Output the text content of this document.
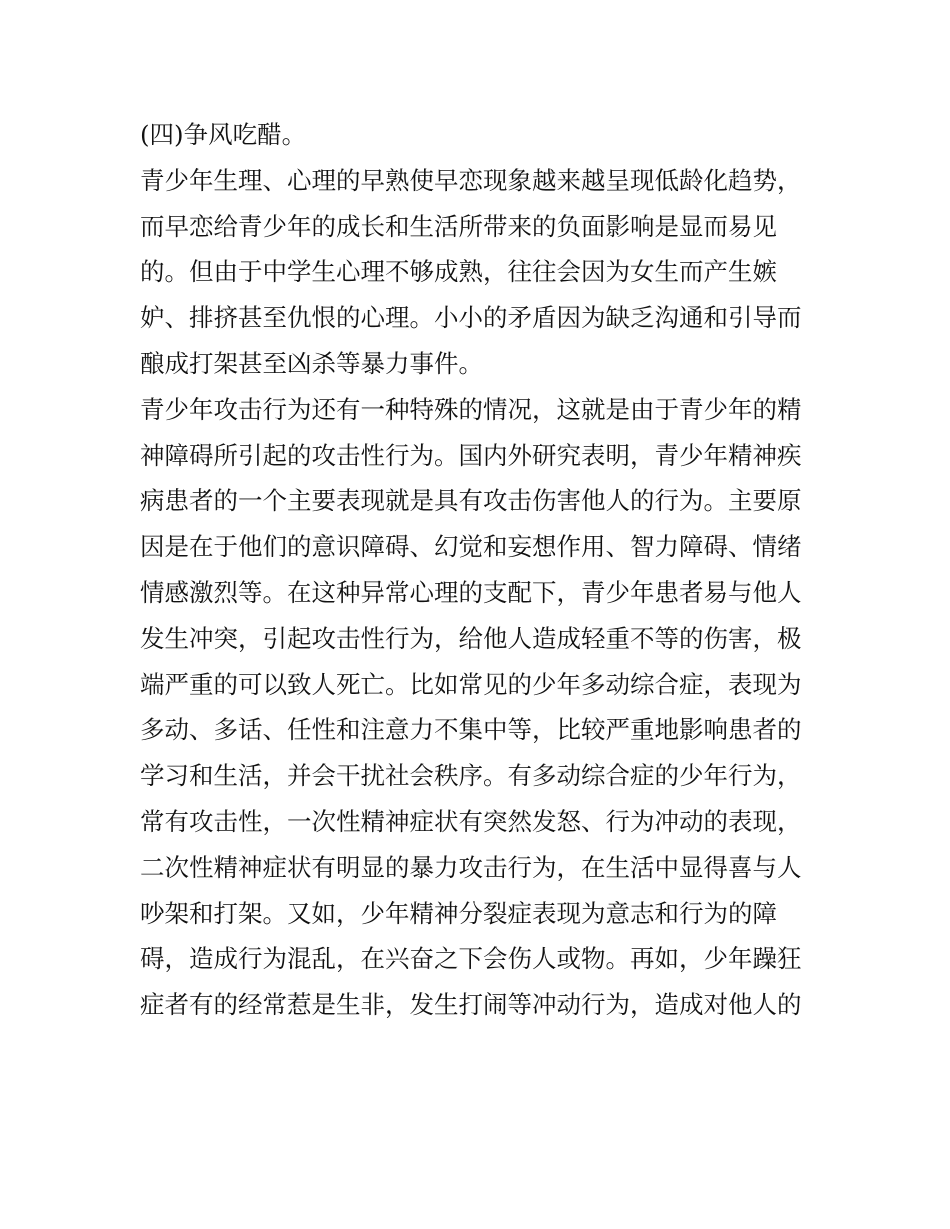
(四)争风吃醋。
青少年生理、心理的早熟使早恋现象越来越呈现低龄化趋势，
而早恋给青少年的成长和生活所带来的负面影响是显而易见
的。但由于中学生心理不够成熟，往往会因为女生而产生嫉
妒、排挤甚至仇恨的心理。小小的矛盾因为缺乏沟通和引导而
酿成打架甚至凶杀等暴力事件。
青少年攻击行为还有一种特殊的情况，这就是由于青少年的精
神障碍所引起的攻击性行为。国内外研究表明，青少年精神疾
病患者的一个主要表现就是具有攻击伤害他人的行为。主要原
因是在于他们的意识障碍、幻觉和妄想作用、智力障碍、情绪
情感激烈等。在这种异常心理的支配下，青少年患者易与他人
发生冲突，引起攻击性行为，给他人造成轻重不等的伤害，极
端严重的可以致人死亡。比如常见的少年多动综合症，表现为
多动、多话、任性和注意力不集中等，比较严重地影响患者的
学习和生活，并会干扰社会秩序。有多动综合症的少年行为，
常有攻击性，一次性精神症状有突然发怒、行为冲动的表现，
二次性精神症状有明显的暴力攻击行为，在生活中显得喜与人
吵架和打架。又如，少年精神分裂症表现为意志和行为的障
碍，造成行为混乱，在兴奋之下会伤人或物。再如，少年躁狂
症者有的经常惹是生非，发生打闹等冲动行为，造成对他人的
